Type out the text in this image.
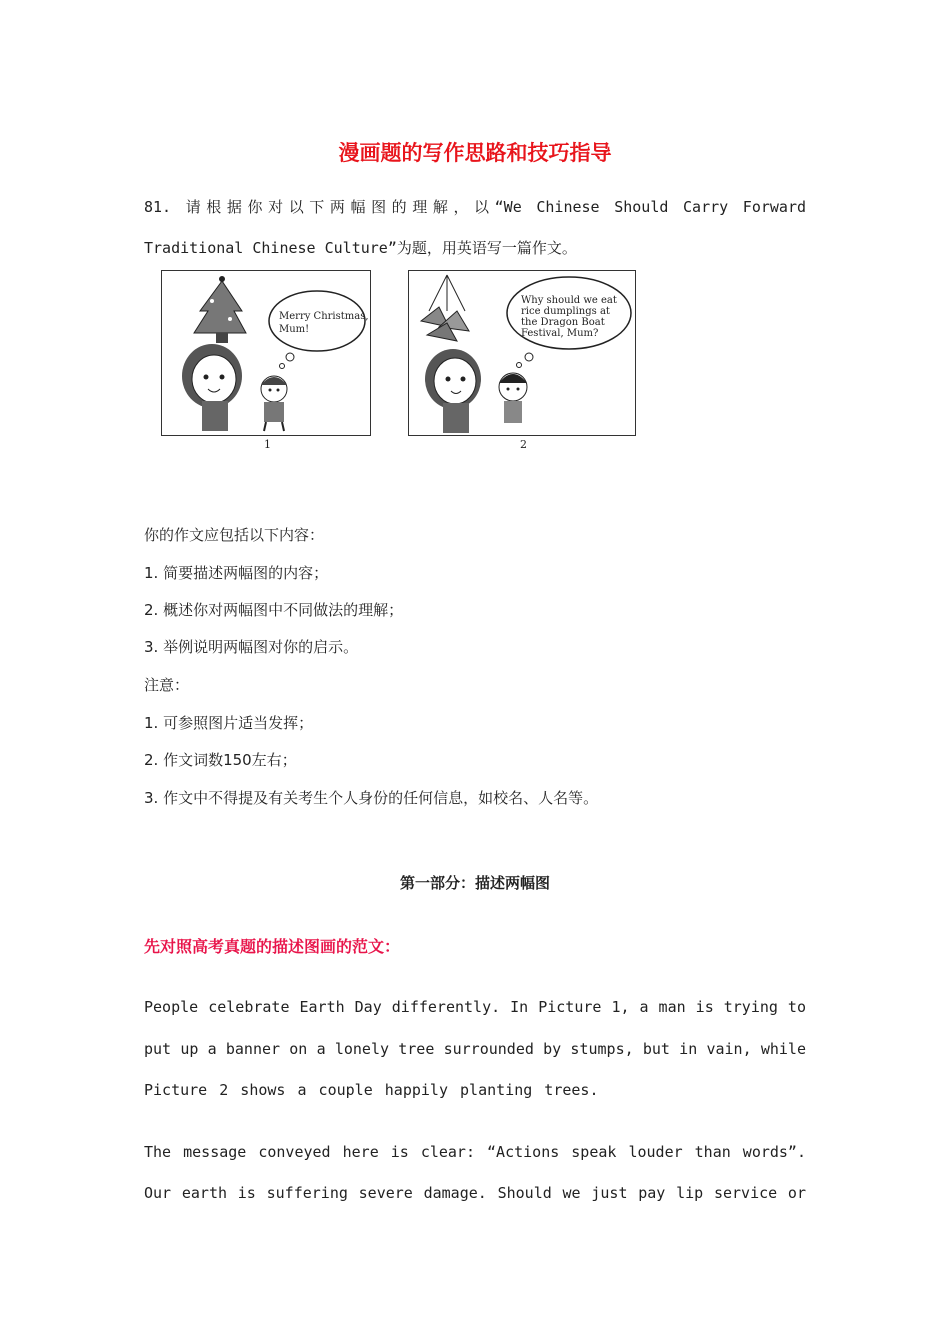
漫画题的写作思路和技巧指导
81. 请根据你对以下两幅图的理解，以“We Chinese Should Carry Forward
Traditional Chinese Culture”为题，用英语写一篇作文。
Merry Christmas,
Mum!
1
Why should we eat
rice dumplings at
the Dragon Boat
Festival, Mum?
2
你的作文应包括以下内容：
1. 简要描述两幅图的内容；
2. 概述你对两幅图中不同做法的理解；
3. 举例说明两幅图对你的启示。
注意：
1. 可参照图片适当发挥；
2. 作文词数150左右；
3. 作文中不得提及有关考生个人身份的任何信息，如校名、人名等。
第一部分：描述两幅图
先对照高考真题的描述图画的范文：
People celebrate Earth Day differently. In Picture 1, a man is trying to
put up a banner on a lonely tree surrounded by stumps, but in vain, while
Picture 2 shows a couple happily planting trees.
The message conveyed here is clear: “Actions speak louder than words”.
Our earth is suffering severe damage. Should we just pay lip service or
